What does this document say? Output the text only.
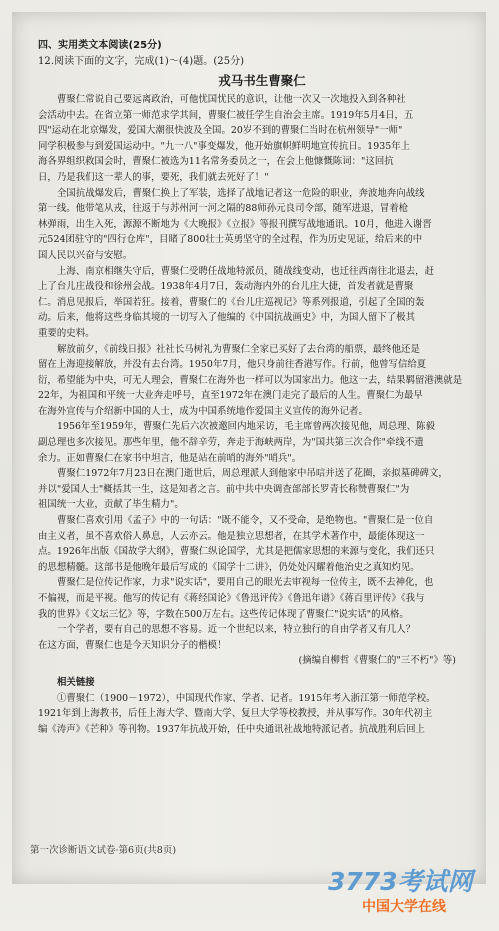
四、实用类文本阅读(25分)
12.阅读下面的文字，完成(1)～(4)题。(25分)
戎马书生曹聚仁
曹聚仁常说自己要远离政治，可他忧国忧民的意识，让他一次又一次地投入到各种社
会活动中去。在省立第一师范求学其间，曹聚仁被任学生自治会主席。1919年5月4日，五
四"运动在北京爆发，爱国大潮很快波及全国。20岁不到的曹聚仁当时在杭州领导"一师"
同学积极参与到爱国运动中。"九一八"事变爆发，他开始旗帜鲜明地宣传抗日。1935年上
海各界组织救国会时，曹聚仁被选为11名常务委员之一，在会上他慷慨陈词："这回抗
日，乃是我们这一辈人的事，要死，我们就去死好了！"
全国抗战爆发后，曹聚仁换上了军装，选择了战地记者这一危险的职业，奔波地奔向战线
第一线。他带笔从戎，往返于与苏州河一河之隔的88师孙元良司令部，随军进退，冒着枪
林弹雨，出生入死，源源不断地为《大晚报》《立报》等报刊撰写战地通讯。10月，他进入谢晋
元524团驻守的"四行仓库"，目睹了800壮士英勇坚守的全过程，作为历史见证，给后来的中
国人民以兴奋与安慰。
上海、南京相继失守后，曹聚仁受聘任战地特派员，随战线变动，也迁往西南往北退去，赶
上了台儿庄战役和徐州会战。1938年4月7日，轰动海内外的台儿庄大捷，首发者就是曹聚
仁。消息见报后，举国若狂。接着，曹聚仁的《台儿庄巡视记》等系列报道，引起了全国的轰
动。后来，他将这些身临其境的一切写入了他编的《中国抗战画史》中，为国人留下了极其
重要的史料。
解放前夕，《前线日报》社社长马树礼为曹聚仁全家已买好了去台湾的船票，最终他还是
留在上海迎接解放，并没有去台湾。1950年7月，他只身前往香港写作。行前，他曾写信给夏
衍，希望能为中央，可无人理会，曹聚仁在海外也一样可以为国家出力。他这一去，结果羁留港澳就是
22年，为祖国和平统一大业奔走呼号，直至1972年在澳门走完了最后的人生。曹聚仁为最早
在海外宣传与介绍新中国的人士，成为中国系统地作爱国主义宣传的海外记者。
1956年至1959年，曹聚仁先后六次被邀回内地采访，毛主席曾两次接见他，周总理、陈毅
副总理也多次接见。那些年里，他不辞辛劳，奔走于海峡两岸，为"国共第三次合作"牵线不遗
余力。正如曹聚仁在家书中坦言，他是站在前哨的海外"哨兵"。
曹聚仁1972年7月23日在澳门逝世后，周总理派人到他家中吊唁并送了花圈，亲拟墓碑碑文，
并以"爱国人士"概括其一生，这是知者之言。前中共中央调查部部长罗青长称赞曹聚仁"为
祖国统一大业，贡献了毕生精力"。
曹聚仁喜欢引用《孟子》中的一句话："既不能令，又不受命，是绝物也。"曹聚仁是一位自
由主义者，虽不喜欢俗人鼻息，人云亦云。他是独立思想者，在其学术著作中，最能体现这一
点。1926年出版《国故学大纲》，曹聚仁纵论国学，尤其是把儒家思想的来源与变化，我们还只
的思想精髓。这部书是他晚年最后写成的《国学十二讲》，仍处处闪耀着他治史之真知灼见。
曹聚仁是位传记作家，力求"说实话"，要用自己的眼光去审视每一位传主，既不去神化，也
不偏视，而是平视。他写的传记有《蒋经国论》《鲁迅评传》《鲁迅年谱》《蒋百里评传》《我与
我的世界》《文坛三忆》等，字数在500万左右。这些传记体现了曹聚仁"说实话"的风格。
一个学者，要有自己的思想不容易。近一个世纪以来，特立独行的自由学者又有几人？
在这方面，曹聚仁也是今天知识分子的楷模！
(摘编自柳哲《曹聚仁的"三不朽"》等)
相关链接
①曹聚仁（1900－1972），中国现代作家、学者、记者。1915年考入浙江第一师范学校。
1921年到上海教书，后任上海大学、暨南大学、复旦大学等校教授，并从事写作。30年代初主
编《涛声》《芒种》等刊物。1937年抗战开始，任中央通讯社战地特派记者。抗战胜利后回上
第一次诊断语文试卷·第6页(共8页)
3773考试网
中国大学在线
